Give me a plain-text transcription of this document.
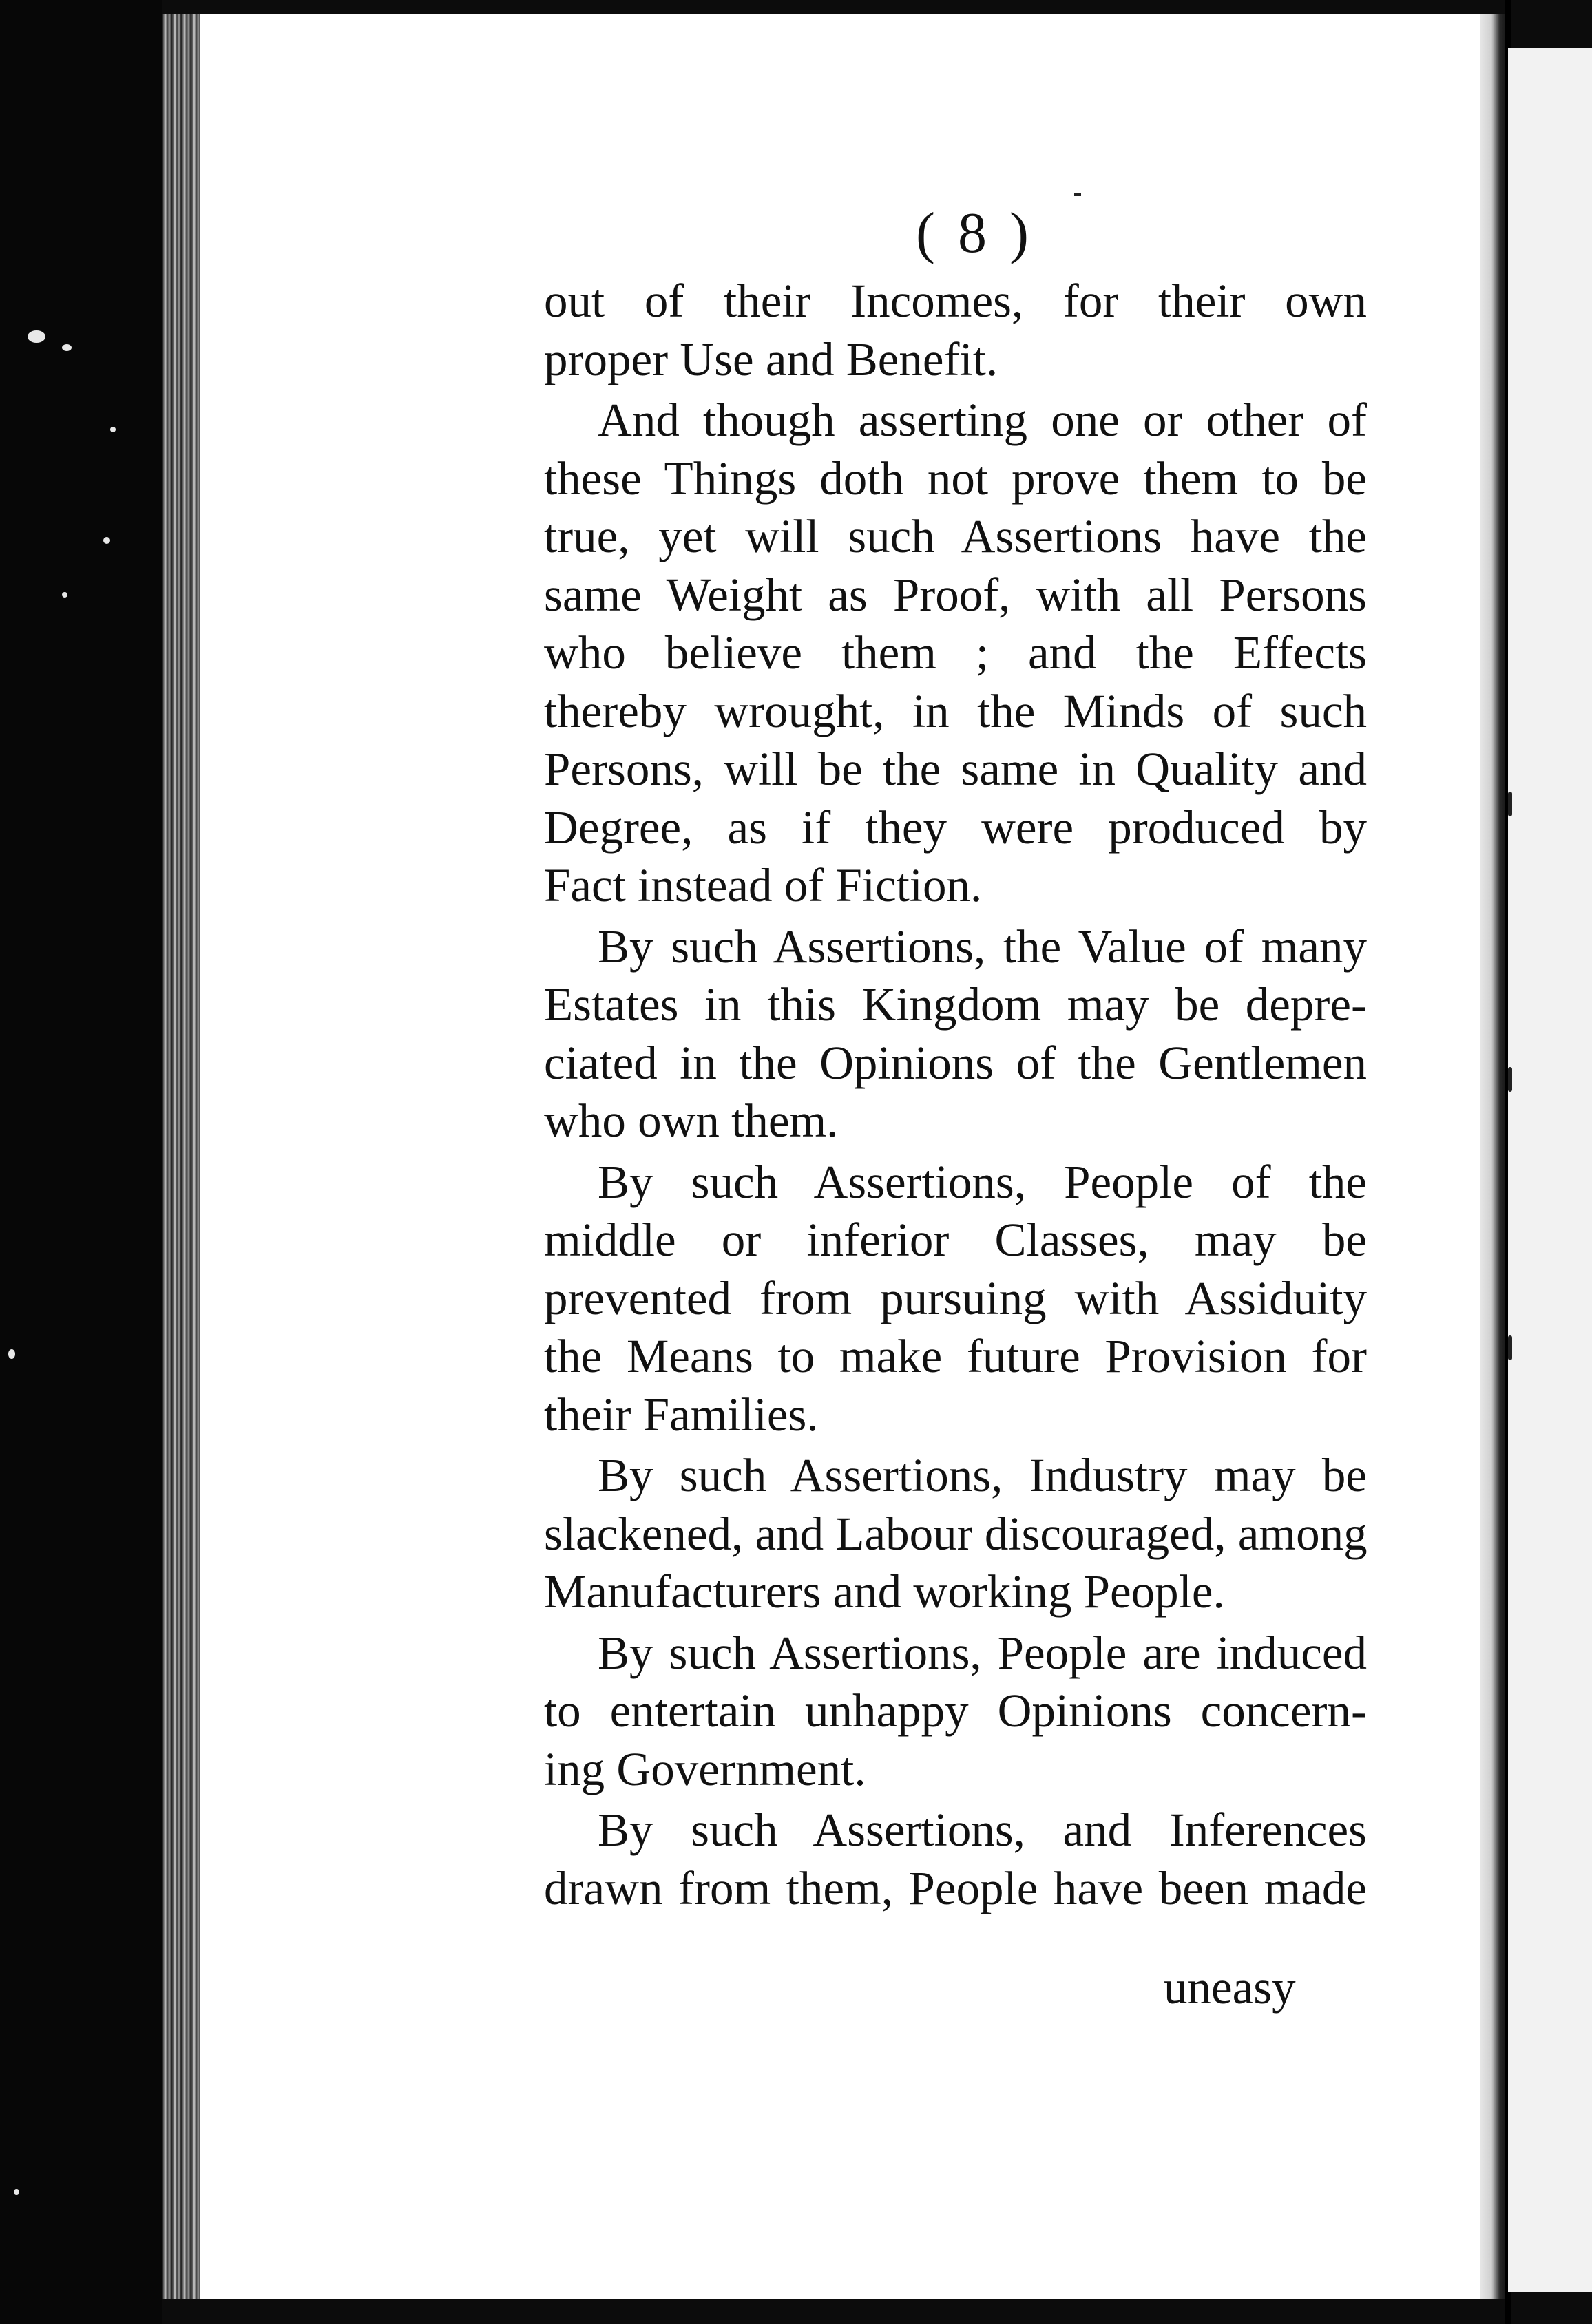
( 8 )
out of their Incomes, for their own
proper Use and Benefit.
And though asserting one or other of
these Things doth not prove them to be
true, yet will such Assertions have the
same Weight as Proof, with all Persons
who believe them ; and the Effects
thereby wrought, in the Minds of such
Persons, will be the same in Quality and
Degree, as if they were produced by
Fact instead of Fiction.
By such Assertions, the Value of many
Estates in this Kingdom may be depre-
ciated in the Opinions of the Gentlemen
who own them.
By such Assertions, People of the
middle or inferior Classes, may be
prevented from pursuing with Assiduity
the Means to make future Provision for
their Families.
By such Assertions, Industry may be
slackened, and Labour discouraged, among
Manufacturers and working People.
By such Assertions, People are induced
to entertain unhappy Opinions concern-
ing Government.
By such Assertions, and Inferences
drawn from them, People have been made
uneasy
